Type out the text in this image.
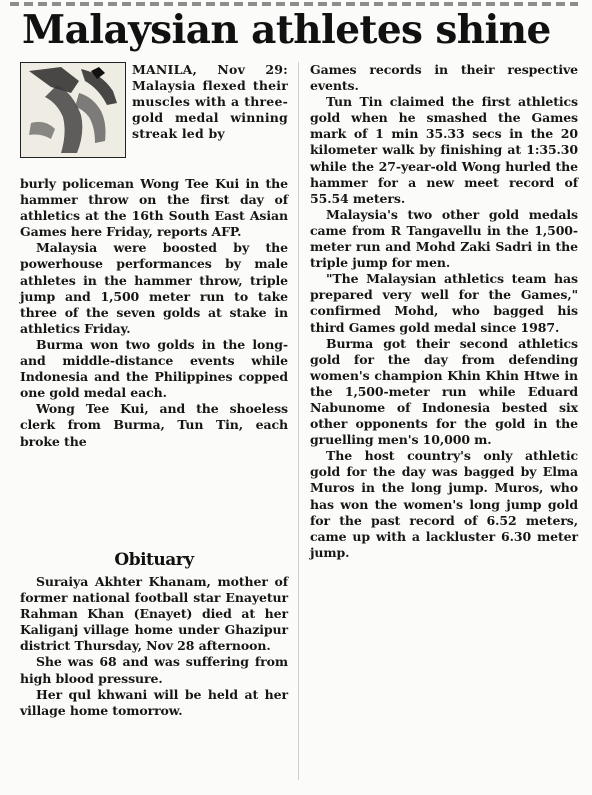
Malaysian athletes shine

MANILA, Nov 29: Malaysia flexed their muscles with a three-gold medal winning streak led by

burly policeman Wong Tee Kui in the hammer throw on the first day of athletics at the 16th South East Asian Games here Friday, reports AFP.

Malaysia were boosted by the powerhouse performances by male athletes in the hammer throw, triple jump and 1,500 meter run to take three of the seven golds at stake in athletics Friday.

Burma won two golds in the long-and middle-distance events while Indonesia and the Philippines copped one gold medal each.

Wong Tee Kui, and the shoeless clerk from Burma, Tun Tin, each broke the

Obituary

Suraiya Akhter Khanam, mother of former national football star Enayetur Rahman Khan (Enayet) died at her Kaliganj village home under Ghazipur district Thursday, Nov 28 afternoon.

She was 68 and was suffering from high blood pressure.

Her qul khwani will be held at her village home tomorrow.

Games records in their respective events.

Tun Tin claimed the first athletics gold when he smashed the Games mark of 1 min 35.33 secs in the 20 kilometer walk by finishing at 1:35.30 while the 27-year-old Wong hurled the hammer for a new meet record of 55.54 meters.

Malaysia's two other gold medals came from R Tangavellu in the 1,500-meter run and Mohd Zaki Sadri in the triple jump for men.

"The Malaysian athletics team has prepared very well for the Games," confirmed Mohd, who bagged his third Games gold medal since 1987.

Burma got their second athletics gold for the day from defending women's champion Khin Khin Htwe in the 1,500-meter run while Eduard Nabunome of Indonesia bested six other opponents for the gold in the gruelling men's 10,000 m.

The host country's only athletic gold for the day was bagged by Elma Muros in the long jump. Muros, who has won the women's long jump gold for the past record of 6.52 meters, came up with a lackluster 6.30 meter jump.
